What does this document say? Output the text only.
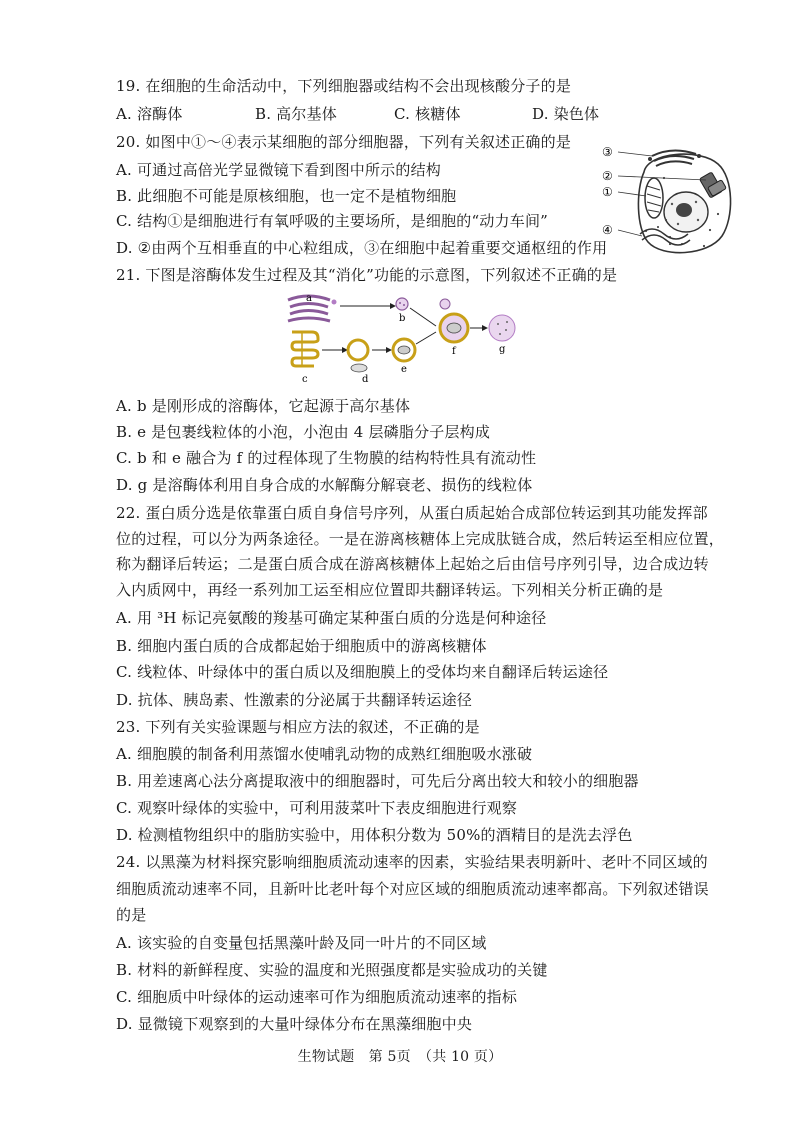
19. 在细胞的生命活动中，下列细胞器或结构不会出现核酸分子的是
A. 溶酶体	B. 高尔基体	C. 核糖体	D. 染色体
20. 如图中①～④表示某细胞的部分细胞器，下列有关叙述正确的是
A. 可通过高倍光学显微镜下看到图中所示的结构
B. 此细胞不可能是原核细胞，也一定不是植物细胞
C. 结构①是细胞进行有氧呼吸的主要场所，是细胞的“动力车间”
D. ②由两个互相垂直的中心粒组成，③在细胞中起着重要交通枢纽的作用
③
②
①
④
21. 下图是溶酶体发生过程及其“消化”功能的示意图，下列叙述不正确的是
a
b
c	d
e
f	g
A. b 是刚形成的溶酶体，它起源于高尔基体
B. e 是包裹线粒体的小泡，小泡由 4 层磷脂分子层构成
C. b 和 e 融合为 f 的过程体现了生物膜的结构特性具有流动性
D. g 是溶酶体利用自身合成的水解酶分解衰老、损伤的线粒体
22. 蛋白质分选是依靠蛋白质自身信号序列，从蛋白质起始合成部位转运到其功能发挥部
位的过程，可以分为两条途径。一是在游离核糖体上完成肽链合成，然后转运至相应位置，
称为翻译后转运；二是蛋白质合成在游离核糖体上起始之后由信号序列引导，边合成边转
入内质网中，再经一系列加工运至相应位置即共翻译转运。下列相关分析正确的是
A. 用 ³H 标记亮氨酸的羧基可确定某种蛋白质的分选是何种途径
B. 细胞内蛋白质的合成都起始于细胞质中的游离核糖体
C. 线粒体、叶绿体中的蛋白质以及细胞膜上的受体均来自翻译后转运途径
D. 抗体、胰岛素、性激素的分泌属于共翻译转运途径
23. 下列有关实验课题与相应方法的叙述，不正确的是
A. 细胞膜的制备利用蒸馏水使哺乳动物的成熟红细胞吸水涨破
B. 用差速离心法分离提取液中的细胞器时，可先后分离出较大和较小的细胞器
C. 观察叶绿体的实验中，可利用菠菜叶下表皮细胞进行观察
D. 检测植物组织中的脂肪实验中，用体积分数为 50%的酒精目的是洗去浮色
24. 以黑藻为材料探究影响细胞质流动速率的因素，实验结果表明新叶、老叶不同区域的
细胞质流动速率不同，且新叶比老叶每个对应区域的细胞质流动速率都高。下列叙述错误
的是
A. 该实验的自变量包括黑藻叶龄及同一叶片的不同区域
B. 材料的新鲜程度、实验的温度和光照强度都是实验成功的关键
C. 细胞质中叶绿体的运动速率可作为细胞质流动速率的指标
D. 显微镜下观察到的大量叶绿体分布在黑藻细胞中央
生物试题　第 5页　（共 10 页）
